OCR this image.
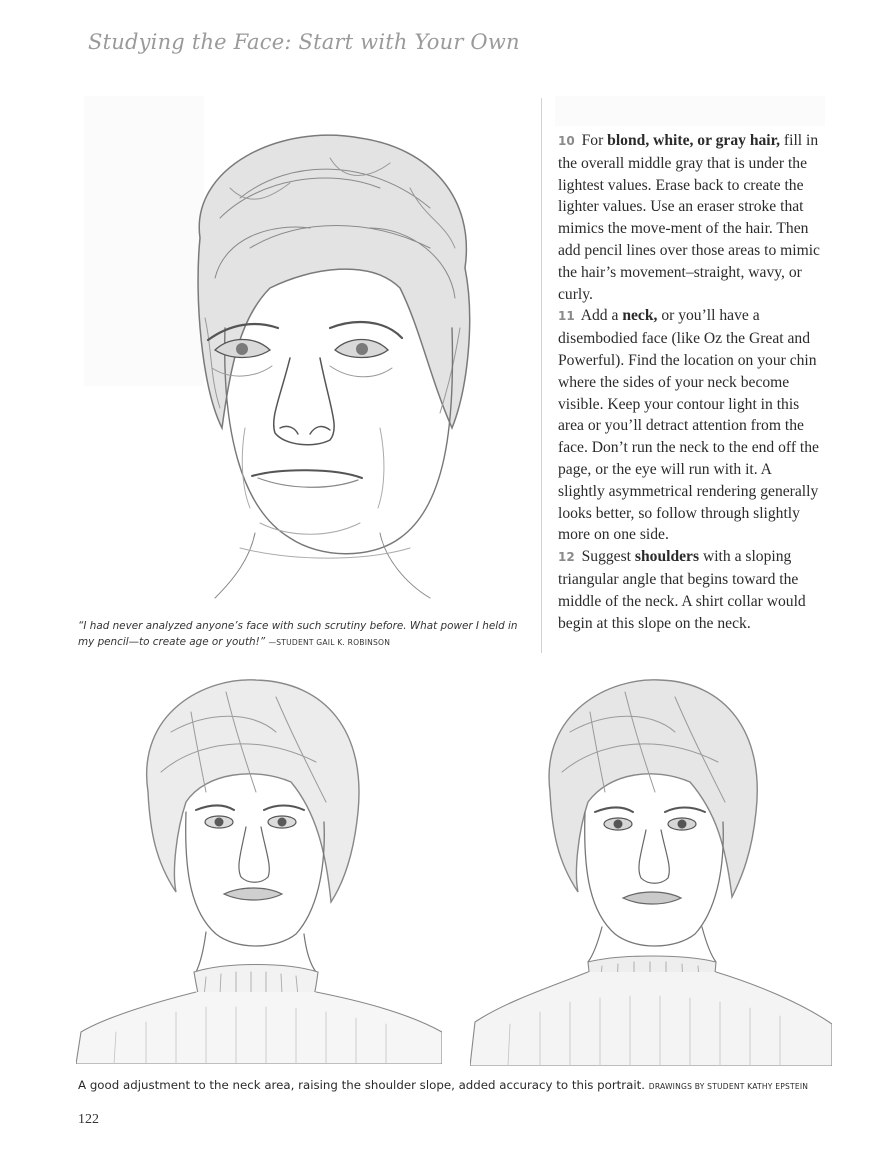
Studying the Face: Start with Your Own
“I had never analyzed anyone’s face with such scrutiny before. What power I held in my pencil—to create age or youth!” —STUDENT GAIL K. ROBINSON

10 For blond, white, or gray hair, fill in the overall middle gray that is under the lightest values. Erase back to create the lighter values. Use an eraser stroke that mimics the move-ment of the hair. Then add pencil lines over those areas to mimic the hair’s movement–straight, wavy, or curly.

11 Add a neck, or you’ll have a disembodied face (like Oz the Great and Powerful). Find the location on your chin where the sides of your neck become visible. Keep your contour light in this area or you’ll detract attention from the face. Don’t run the neck to the end off the page, or the eye will run with it. A slightly asymmetrical rendering generally looks better, so follow through slightly more on one side.

12 Suggest shoulders with a sloping triangular angle that begins toward the middle of the neck. A shirt collar would begin at this slope on the neck.

A good adjustment to the neck area, raising the shoulder slope, added accuracy to this portrait. DRAWINGS BY STUDENT KATHY EPSTEIN
122
